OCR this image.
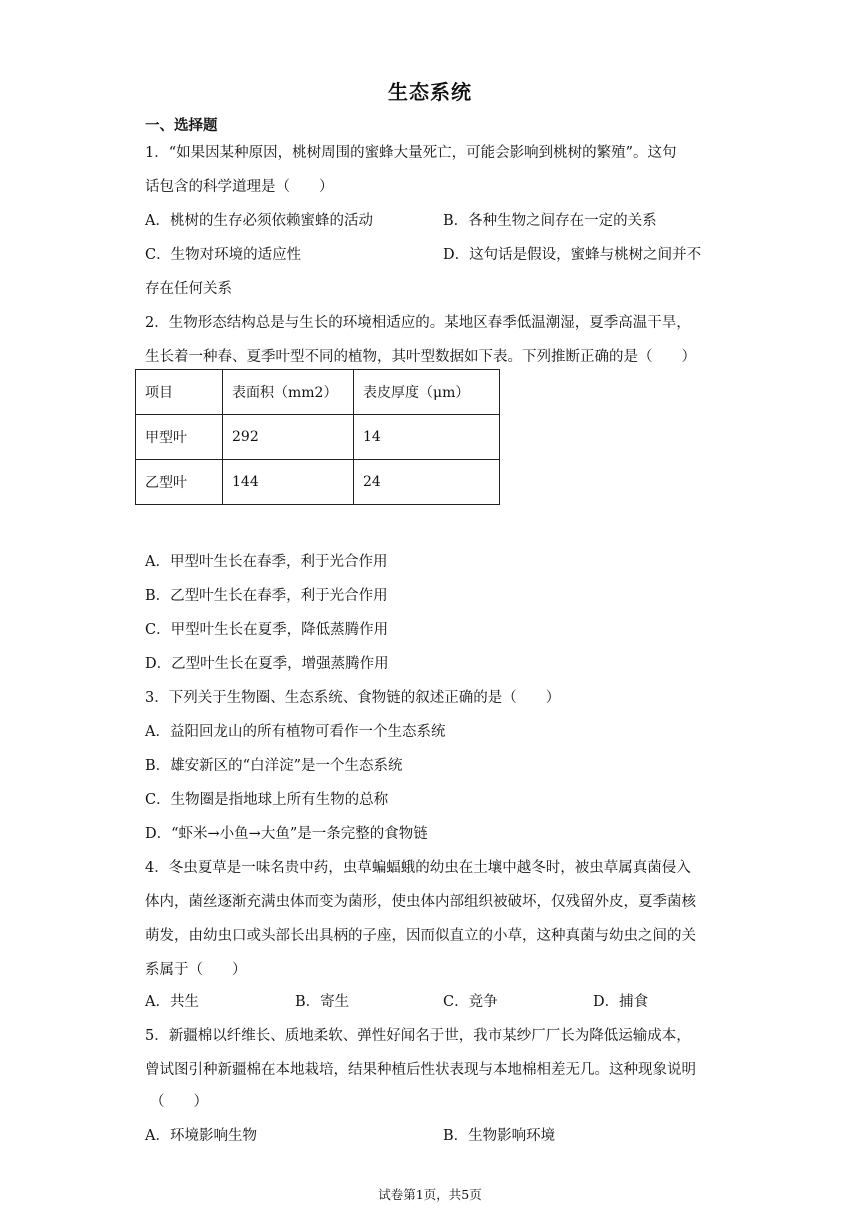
生态系统
一、选择题
1．“如果因某种原因，桃树周围的蜜蜂大量死亡，可能会影响到桃树的繁殖”。这句
话包含的科学道理是（　　）
A．桃树的生存必须依赖蜜蜂的活动	B．各种生物之间存在一定的关系
C．生物对环境的适应性	D．这句话是假设，蜜蜂与桃树之间并不
存在任何关系
2．生物形态结构总是与生长的环境相适应的。某地区春季低温潮湿，夏季高温干旱，
生长着一种春、夏季叶型不同的植物，其叶型数据如下表。下列推断正确的是（　　）
项目	表面积（mm2）	表皮厚度（μm）
甲型叶	292	14
乙型叶	144	24
A．甲型叶生长在春季，利于光合作用
B．乙型叶生长在春季，利于光合作用
C．甲型叶生长在夏季，降低蒸腾作用
D．乙型叶生长在夏季，增强蒸腾作用
3．下列关于生物圈、生态系统、食物链的叙述正确的是（　　）
A．益阳回龙山的所有植物可看作一个生态系统
B．雄安新区的“白洋淀”是一个生态系统
C．生物圈是指地球上所有生物的总称
D．“虾米→小鱼→大鱼”是一条完整的食物链
4．冬虫夏草是一味名贵中药，虫草蝙蝠蛾的幼虫在土壤中越冬时，被虫草属真菌侵入
体内，菌丝逐渐充满虫体而变为菌形，使虫体内部组织被破坏，仅残留外皮，夏季菌核
萌发，由幼虫口或头部长出具柄的子座，因而似直立的小草，这种真菌与幼虫之间的关
系属于（　　）
A．共生	B．寄生	C．竞争	D．捕食
5．新疆棉以纤维长、质地柔软、弹性好闻名于世，我市某纱厂厂长为降低运输成本，
曾试图引种新疆棉在本地栽培，结果种植后性状表现与本地棉相差无几。这种现象说明
（　　）
A．环境影响生物	B．生物影响环境
试卷第1页，共5页
